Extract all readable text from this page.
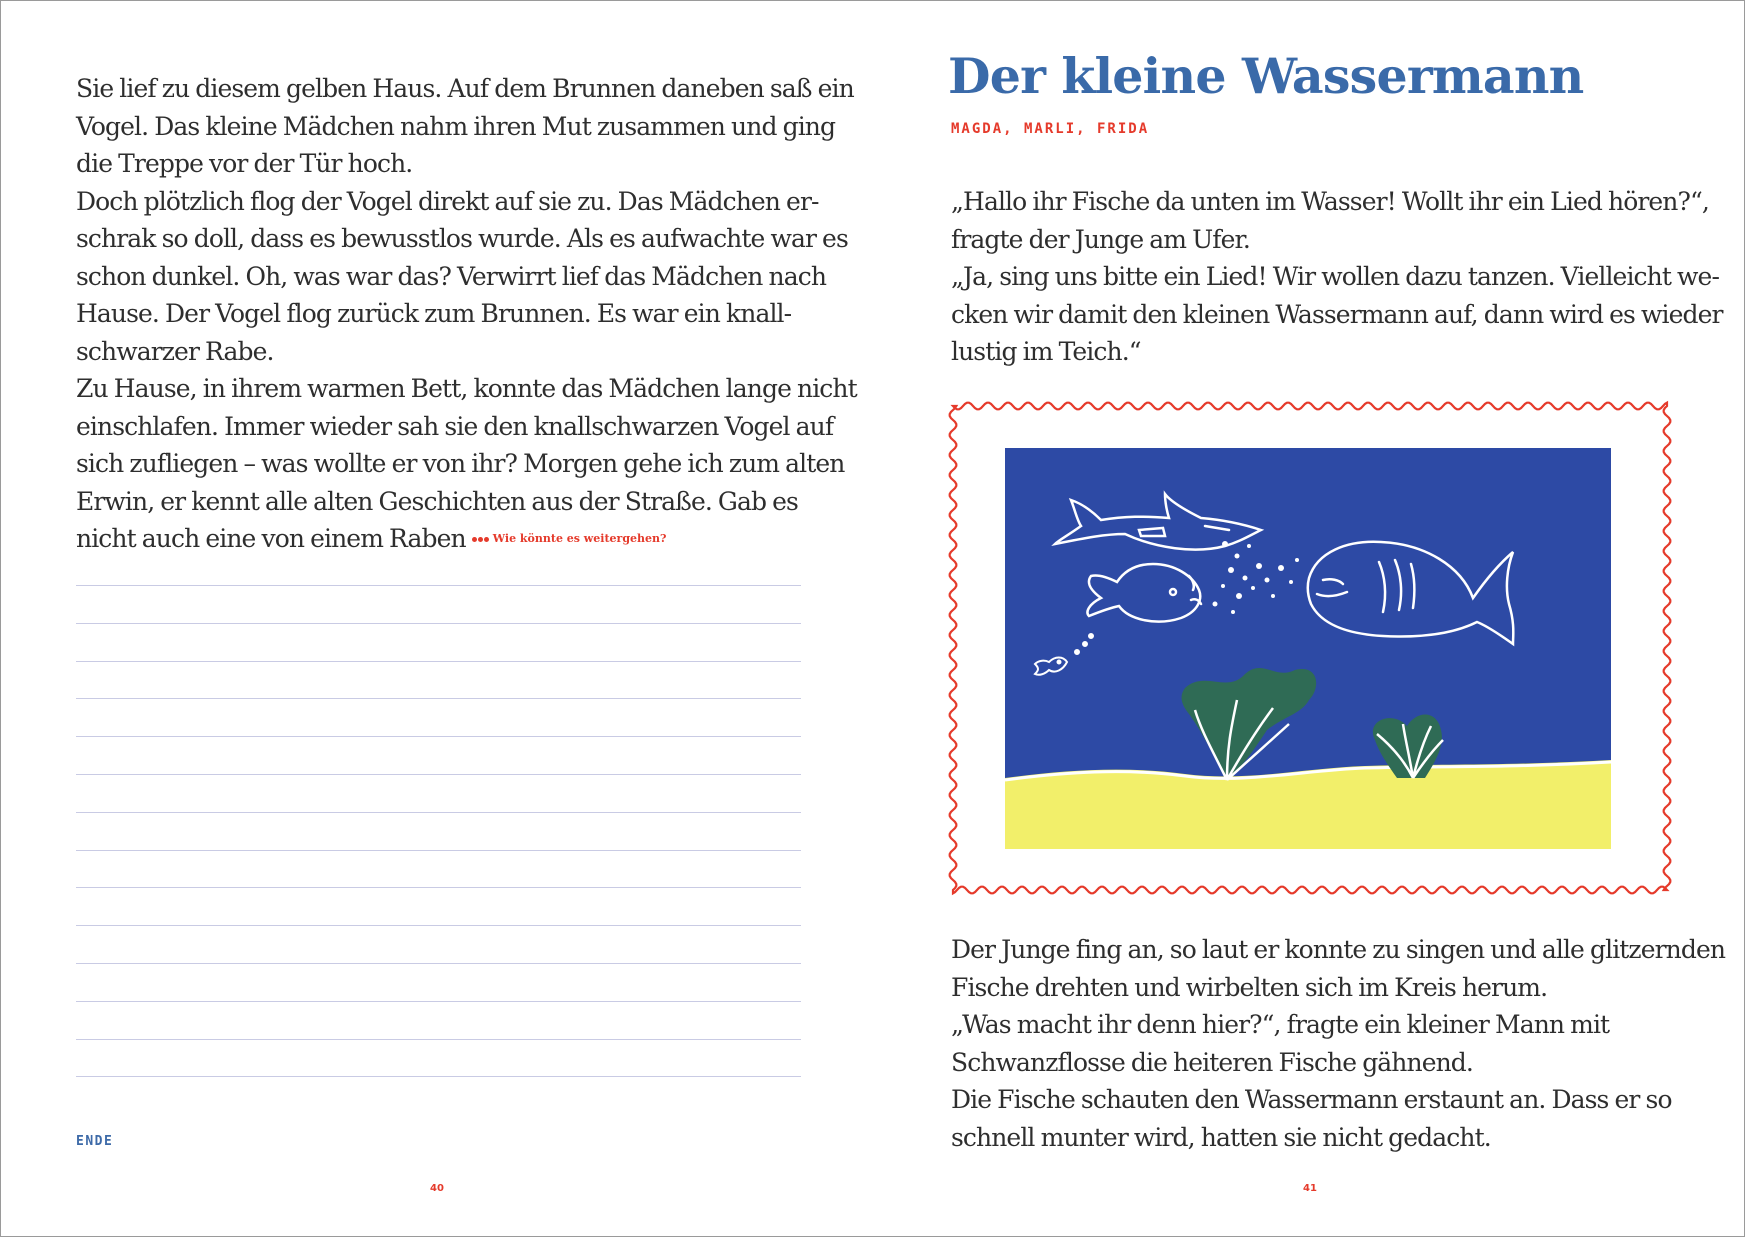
Sie lief zu diesem gelben Haus. Auf dem Brunnen daneben saß ein

Vogel. Das kleine Mädchen nahm ihren Mut zusammen und ging

die Treppe vor der Tür hoch.

Doch plötzlich flog der Vogel direkt auf sie zu. Das Mädchen er-

schrak so doll, dass es bewusstlos wurde. Als es aufwachte war es

schon dunkel. Oh, was war das? Verwirrt lief das Mädchen nach

Hause. Der Vogel flog zurück zum Brunnen. Es war ein knall-

schwarzer Rabe.

Zu Hause, in ihrem warmen Bett, konnte das Mädchen lange nicht

einschlafen. Immer wieder sah sie den knallschwarzen Vogel auf

sich zufliegen – was wollte er von ihr? Morgen gehe ich zum alten

Erwin, er kennt alle alten Geschichten aus der Straße. Gab es

nicht auch eine von einem Raben $^{Wie könnte es weitergehen?}$

ENDE
40
Der kleine Wassermann
MAGDA, MARLI, FRIDA

„Hallo ihr Fische da unten im Wasser! Wollt ihr ein Lied hören?“,

fragte der Junge am Ufer.

„Ja, sing uns bitte ein Lied! Wir wollen dazu tanzen. Vielleicht we-

cken wir damit den kleinen Wassermann auf, dann wird es wieder

lustig im Teich.“

Der Junge fing an, so laut er konnte zu singen und alle glitzernden

Fische drehten und wirbelten sich im Kreis herum.

„Was macht ihr denn hier?“, fragte ein kleiner Mann mit

Schwanzflosse die heiteren Fische gähnend.

Die Fische schauten den Wassermann erstaunt an. Dass er so

schnell munter wird, hatten sie nicht gedacht.

41
